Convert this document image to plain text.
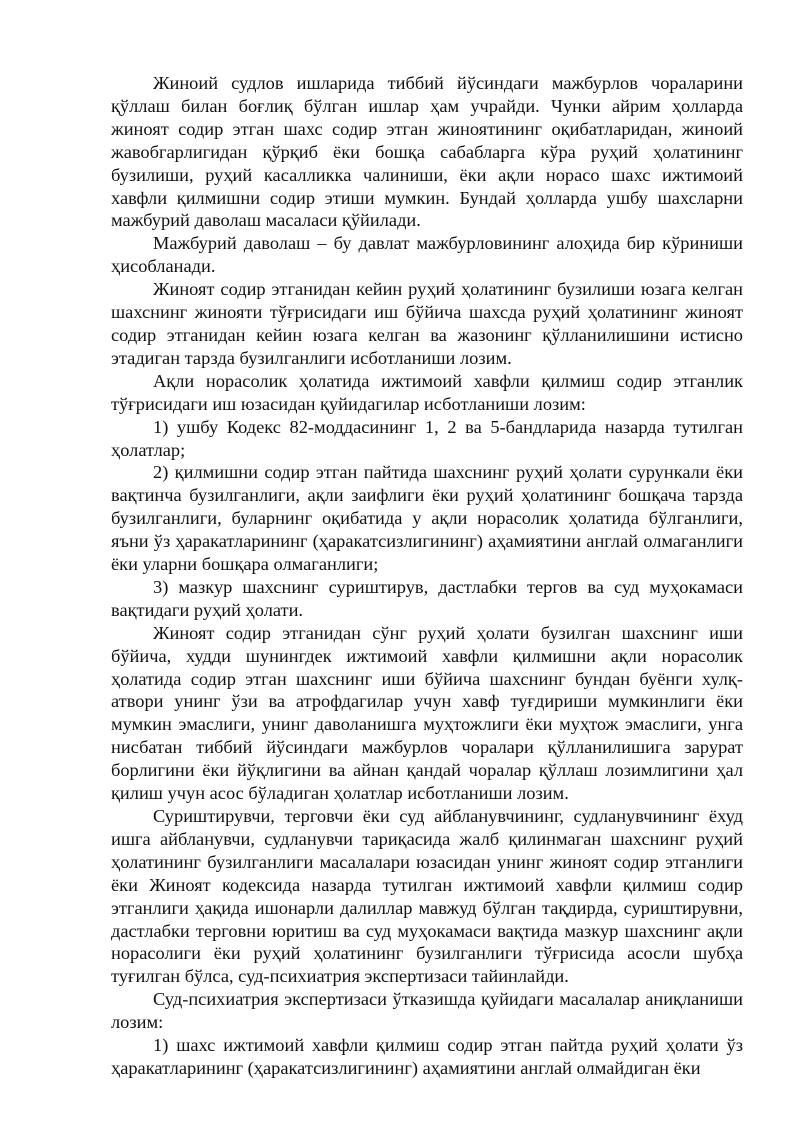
Жиноий судлов ишларида тиббий йўсиндаги мажбурлов чораларини қўллаш билан боғлиқ бўлган ишлар ҳам учрайди. Чунки айрим ҳолларда жиноят содир этган шахс содир этган жиноятининг оқибатларидан, жиноий жавобгарлигидан қўрқиб ёки бошқа сабабларга кўра руҳий ҳолатининг бузилиши, руҳий касалликка чалиниши, ёки ақли норасо шахс ижтимоий хавфли қилмишни содир этиши мумкин. Бундай ҳолларда ушбу шахсларни мажбурий даволаш масаласи қўйилади.

Мажбурий даволаш – бу давлат мажбурловининг алоҳида бир кўриниши ҳисобланади.

Жиноят содир этганидан кейин руҳий ҳолатининг бузилиши юзага келган шахснинг жинояти тўғрисидаги иш бўйича шахсда руҳий ҳолатининг жиноят содир этганидан кейин юзага келган ва жазонинг қўлланилишини истисно этадиган тарзда бузилганлиги исботланиши лозим.

Ақли норасолик ҳолатида ижтимоий хавфли қилмиш содир этганлик тўғрисидаги иш юзасидан қуйидагилар исботланиши лозим:

1) ушбу Кодекс 82-моддасининг 1, 2 ва 5-бандларида назарда тутилган ҳолатлар;

2) қилмишни содир этган пайтида шахснинг руҳий ҳолати сурункали ёки вақтинча бузилганлиги, ақли заифлиги ёки руҳий ҳолатининг бошқача тарзда бузилганлиги, буларнинг оқибатида у ақли норасолик ҳолатида бўлганлиги, яъни ўз ҳаракатларининг (ҳаракатсизлигининг) аҳамиятини англай олмаганлиги ёки уларни бошқара олмаганлиги;

3) мазкур шахснинг суриштирув, дастлабки тергов ва суд муҳокамаси вақтидаги руҳий ҳолати.

Жиноят содир этганидан сўнг руҳий ҳолати бузилган шахснинг иши бўйича, худди шунингдек ижтимоий хавфли қилмишни ақли норасолик ҳолатида содир этган шахснинг иши бўйича шахснинг бундан буёнги хулқ-атвори унинг ўзи ва атрофдагилар учун хавф туғдириши мумкинлиги ёки мумкин эмаслиги, унинг даволанишга муҳтожлиги ёки муҳтож эмаслиги, унга нисбатан тиббий йўсиндаги мажбурлов чоралари қўлланилишига зарурат борлигини ёки йўқлигини ва айнан қандай чоралар қўллаш лозимлигини ҳал қилиш учун асос бўладиган ҳолатлар исботланиши лозим.

Суриштирувчи, терговчи ёки суд айбланувчининг, судланувчининг ёхуд ишга айбланувчи, судланувчи тариқасида жалб қилинмаган шахснинг руҳий ҳолатининг бузилганлиги масалалари юзасидан унинг жиноят содир этганлиги ёки Жиноят кодексида назарда тутилган ижтимоий хавфли қилмиш содир этганлиги ҳақида ишонарли далиллар мавжуд бўлган тақдирда, суриштирувни, дастлабки терговни юритиш ва суд муҳокамаси вақтида мазкур шахснинг ақли норасолиги ёки руҳий ҳолатининг бузилганлиги тўғрисида асосли шубҳа туғилган бўлса, суд-психиатрия экспертизаси тайинлайди.

Суд-психиатрия экспертизаси ўтказишда қуйидаги масалалар аниқланиши лозим:

1) шахс ижтимоий хавфли қилмиш содир этган пайтда руҳий ҳолати ўз ҳаракатларининг (ҳаракатсизлигининг) аҳамиятини англай олмайдиган ёки
